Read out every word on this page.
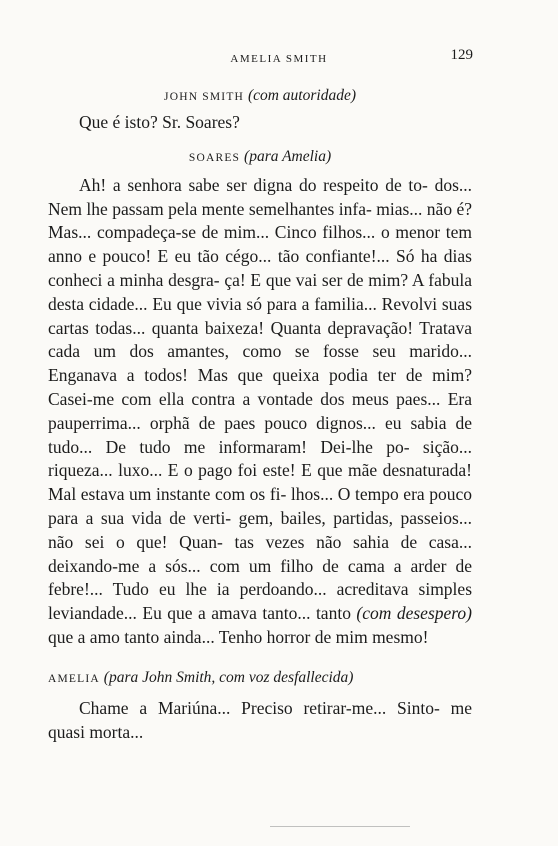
AMELIA SMITH	129

JOHN SMITH (com autoridade)

Que é isto? Sr. Soares?

SOARES (para Amelia)

Ah! a senhora sabe ser digna do respeito de to- dos... Nem lhe passam pela mente semelhantes infa- mias... não é? Mas... compadeça-se de mim... Cinco filhos... o menor tem anno e pouco! E eu tão cégo... tão confiante!... Só ha dias conheci a minha desgra- ça! E que vai ser de mim? A fabula desta cidade... Eu que vivia só para a familia... Revolvi suas cartas todas... quanta baixeza! Quanta depravação! Tratava cada um dos amantes, como se fosse seu marido... Enganava a todos! Mas que queixa podia ter de mim? Casei-me com ella contra a vontade dos meus paes... Era pauperrima... orphã de paes pouco dignos... eu sabia de tudo... De tudo me informaram! Dei-lhe po- sição... riqueza... luxo... E o pago foi este! E que mãe desnaturada! Mal estava um instante com os fi- lhos... O tempo era pouco para a sua vida de verti- gem, bailes, partidas, passeios... não sei o que! Quan- tas vezes não sahia de casa... deixando-me a sós... com um filho de cama a arder de febre!... Tudo eu lhe ia perdoando... acreditava simples leviandade... Eu que a amava tanto... tanto (com desespero) que a amo tanto ainda... Tenho horror de mim mesmo!

AMELIA (para John Smith, com voz desfallecida)

Chame a Mariúna... Preciso retirar-me... Sinto- me quasi morta...
